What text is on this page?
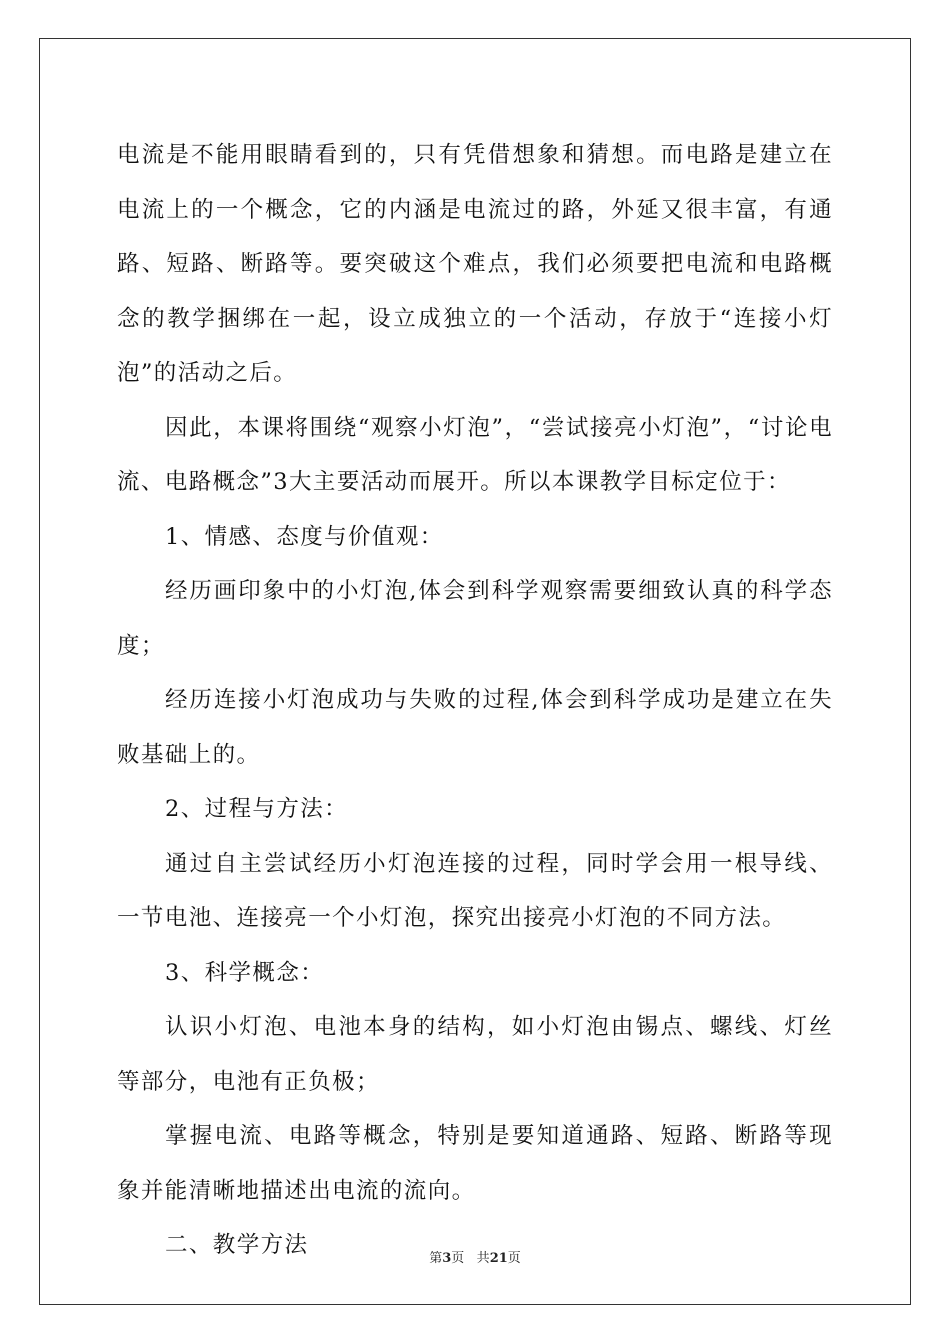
电流是不能用眼睛看到的，只有凭借想象和猜想。而电路是建立在电流上的一个概念，它的内涵是电流过的路，外延又很丰富，有通路、短路、断路等。要突破这个难点，我们必须要把电流和电路概念的教学捆绑在一起，设立成独立的一个活动，存放于“连接小灯泡”的活动之后。

因此，本课将围绕“观察小灯泡”，“尝试接亮小灯泡”，“讨论电流、电路概念”3大主要活动而展开。所以本课教学目标定位于：

1、情感、态度与价值观：

经历画印象中的小灯泡,体会到科学观察需要细致认真的科学态度；

经历连接小灯泡成功与失败的过程,体会到科学成功是建立在失败基础上的。

2、过程与方法：

通过自主尝试经历小灯泡连接的过程，同时学会用一根导线、一节电池、连接亮一个小灯泡，探究出接亮小灯泡的不同方法。

3、科学概念：

认识小灯泡、电池本身的结构，如小灯泡由锡点、螺线、灯丝等部分，电池有正负极；

掌握电流、电路等概念，特别是要知道通路、短路、断路等现象并能清晰地描述出电流的流向。

二、教学方法

第3页 共21页
